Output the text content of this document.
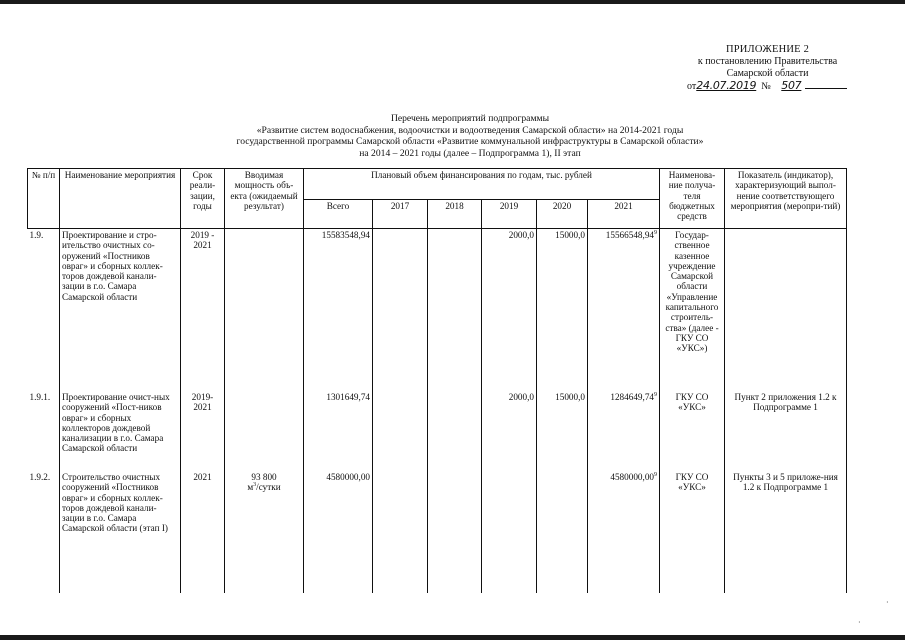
ПРИЛОЖЕНИЕ 2
к постановлению Правительства
Самарской области
от24.07.2019 № 507
Перечень мероприятий подпрограммы
«Развитие систем водоснабжения, водоочистки и водоотведения Самарской области» на 2014-2021 годы
государственной программы Самарской области «Развитие коммунальной инфраструктуры в Самарской области»
на 2014 – 2021 годы (далее – Подпрограмма 1), II этап
№ п/п	Наименование мероприятия	Срок реали-зации, годы	Вводимая мощность объ-екта (ожидаемый результат)	Плановый объем финансирования по годам, тыс. рублей						Наименова-ние получа-теля бюджетных средств	Показатель (индикатор), характеризующий выпол-нение соответствующего мероприятия (меропри-тий)
				Всего	2017	2018	2019	2020	2021		
1.9.	Проектирование и стро-ительство очистных со-оружений «Постников овраг» и сборных коллек-торов дождевой канали-зации в г.о. Самара Самарской области	2019 - 2021		15583548,94			2000,0	15000,0	15566548,94$^9$	Государ-ственное казенное учреждение Самарской области «Управление капитального строитель-ства» (далее - ГКУ СО «УКС»)	
1.9.1.	Проектирование очист-ных сооружений «Пост-ников овраг» и сборных коллекторов дождевой канализации в г.о. Самара Самарской области	2019-2021		1301649,74			2000,0	15000,0	1284649,74$^9$	ГКУ СО «УКС»	Пункт 2 приложения 1.2 к Подпрограмме 1
1.9.2.	Строительство очистных сооружений «Постников овраг» и сборных коллек-торов дождевой канали-зации в г.о. Самара Самарской области (этап I)	2021	93 800
$м^3$/сутки	4580000,00					4580000,00$^9$	ГКУ СО «УКС»	Пункты 3 и 5 приложе-ния 1.2 к Подпрограмме 1
·
·
